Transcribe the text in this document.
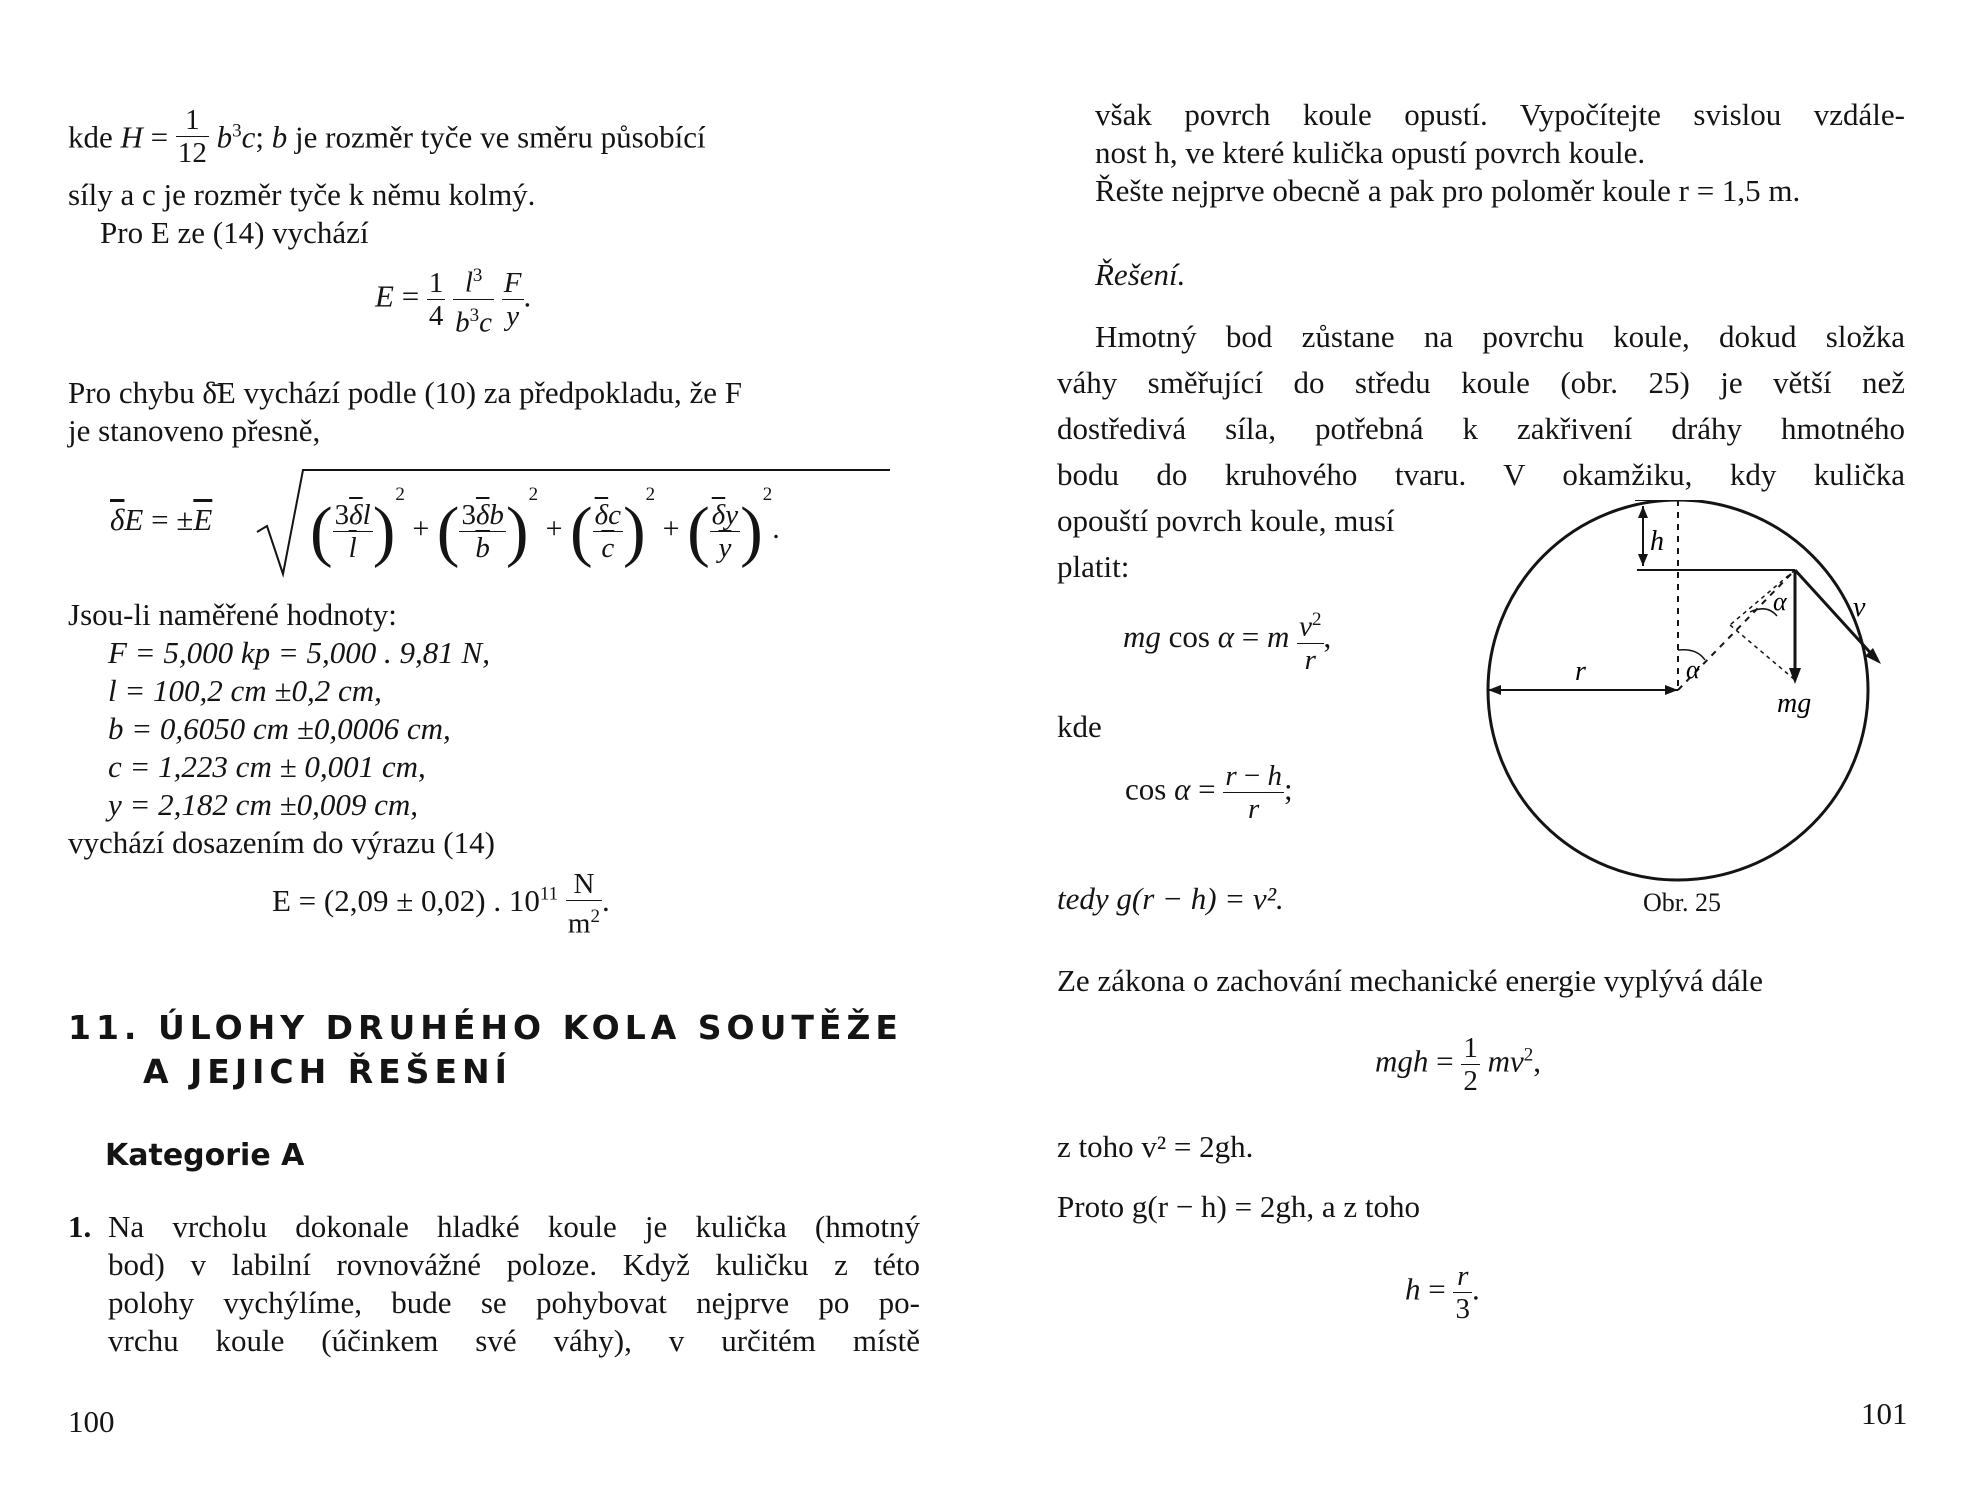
kde $H = \frac{1}{12} b^3c$; b je rozměr tyče ve směru působící
síly a c je rozměr tyče k němu kolmý.
Pro E ze (14) vychází
$E = \frac{1}{4}$
$\frac{l^3}{b^3c}$
$\frac{F}{y}$ .
Pro chybu δ̄E vychází podle (10) za předpokladu, že F
je stanoveno přesně,
$\overline{\delta}E = \pm\overline{E}$ ( $\frac{3\overline{\delta}l}{l} )^2$ + ( $\frac{3\overline{\delta}b}{b} )^2$ + ( $\frac{\overline{\delta}c}{c} )^2$ + ( $\frac{\overline{\delta}y}{y} )^2$.
Jsou-li naměřené hodnoty:
F = 5,000 kp = 5,000 . 9,81 N,
l = 100,2 cm ±0,2 cm,
b = 0,6050 cm ±0,0006 cm,
c = 1,223 cm ± 0,001 cm,
y = 2,182 cm ±0,009 cm,
vychází dosazením do výrazu (14)
E = (2,09 ± 0,02) . $10^{11} \frac{N}{m^2}$ .
11. ÚLOHY DRUHÉHO KOLA SOUTĚŽE
A JEJICH ŘEŠENÍ
Kategorie A
1. Na vrcholu dokonale hladké koule je kulička (hmotný
bod) v labilní rovnovážné poloze. Když kuličku z této
polohy vychýlíme, bude se pohybovat nejprve po po-
vrchu koule (účinkem své váhy), v určitém místě
100
však povrch koule opustí. Vypočítejte svislou vzdále-
nost h, ve které kulička opustí povrch koule.
Řešte nejprve obecně a pak pro poloměr koule r = 1,5 m.
Řešení.
Hmotný bod zůstane na povrchu koule, dokud složka
váhy směřující do středu koule (obr. 25) je větší než
dostředivá síla, potřebná k zakřivení dráhy hmotného
bodu do kruhového tvaru. V okamžiku, kdy kulička
opouští povrch koule, musí
platit:
mg cos α = m $\frac{v^2}{r}$ ,
kde
$\cos \alpha = \frac{r - h}{r}$ ;
tedy g(r − h) = v².
h
r	α
α v
mg
Obr. 25
Ze zákona o zachování mechanické energie vyplývá dále
mgh = $\frac{1}{2} mv^2$,
z toho v² = 2gh.
Proto g(r − h) = 2gh, a z toho
$h = \frac{r}{3}$ .
101
